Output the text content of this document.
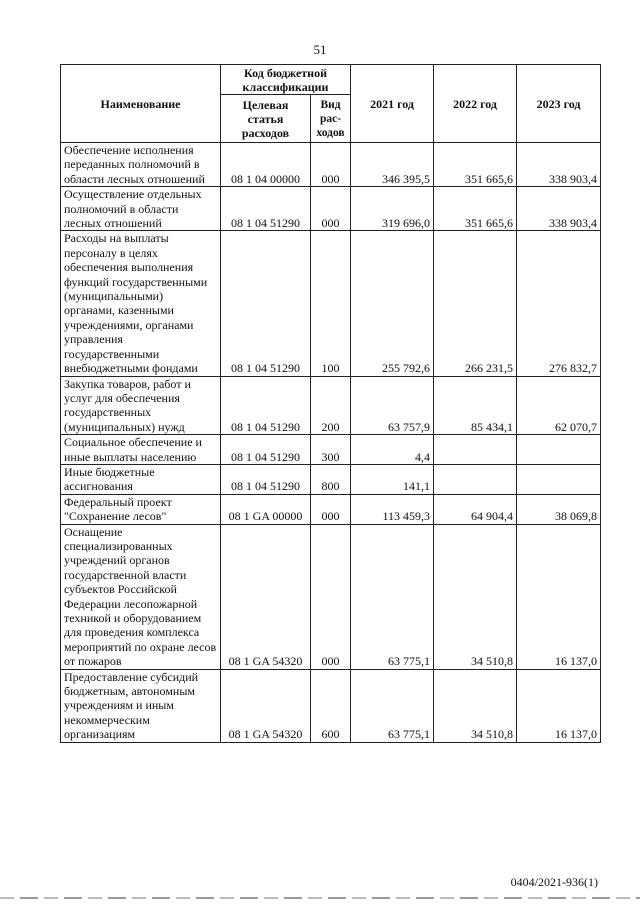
51
Наименование	Код бюджетной классификации		2021 год	2022 год	2023 год
	Целевая статья расходов	Вид рас-ходов			
Обеспечение исполнения переданных полномочий в области лесных отношений	08 1 04 00000	000	346 395,5	351 665,6	338 903,4
Осуществление отдельных полномочий в области лесных отношений	08 1 04 51290	000	319 696,0	351 665,6	338 903,4
Расходы на выплаты персоналу в целях обеспечения выполнения функций государственными (муниципальными) органами, казенными учреждениями, органами управления государственными внебюджетными фондами	08 1 04 51290	100	255 792,6	266 231,5	276 832,7
Закупка товаров, работ и услуг для обеспечения государственных (муниципальных) нужд	08 1 04 51290	200	63 757,9	85 434,1	62 070,7
Социальное обеспечение и иные выплаты населению	08 1 04 51290	300	4,4		
Иные бюджетные ассигнования	08 1 04 51290	800	141,1		
Федеральный проект "Сохранение лесов"	08 1 GA 00000	000	113 459,3	64 904,4	38 069,8
Оснащение специализированных учреждений органов государственной власти субъектов Российской Федерации лесопожарной техникой и оборудованием для проведения комплекса мероприятий по охране лесов от пожаров	08 1 GA 54320	000	63 775,1	34 510,8	16 137,0
Предоставление субсидий бюджетным, автономным учреждениям и иным некоммерческим организациям	08 1 GA 54320	600	63 775,1	34 510,8	16 137,0
0404/2021-936(1)
